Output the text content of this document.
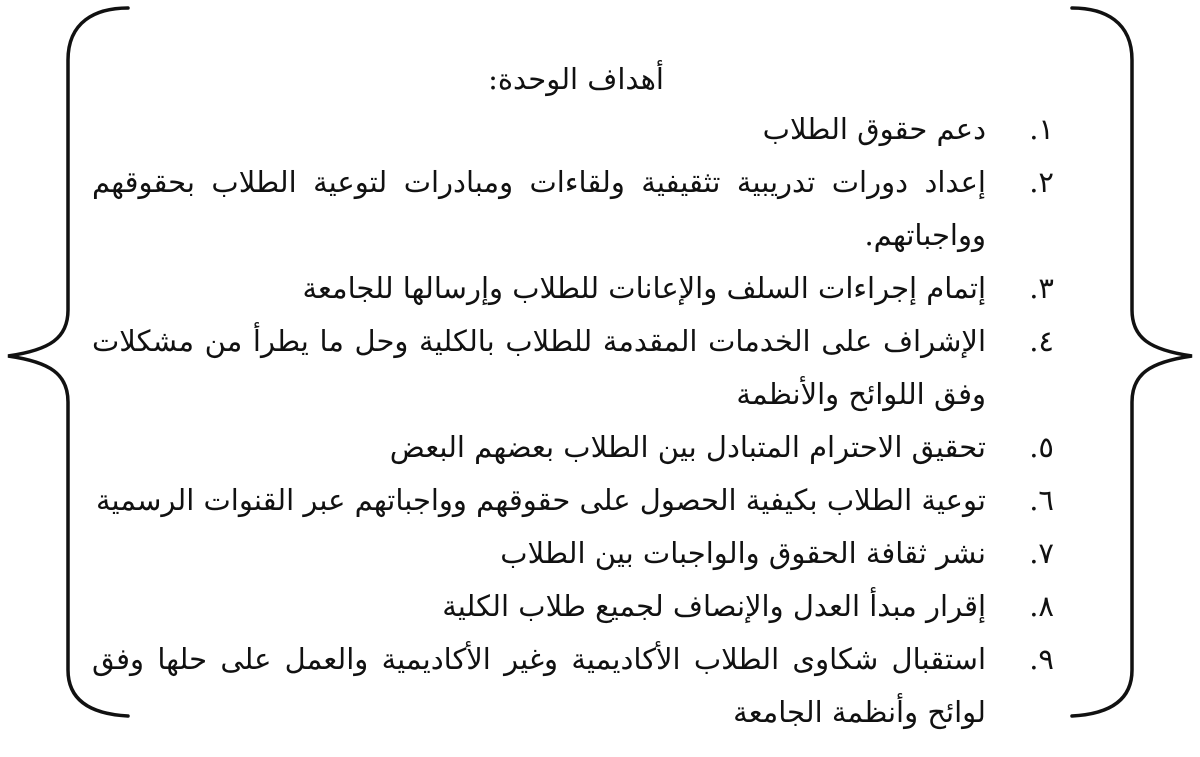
أهداف الوحدة:
١.
دعم حقوق الطلاب
٢.
إعداد دورات تدريبية تثقيفية ولقاءات ومبادرات لتوعية الطلاب بحقوقهم وواجباتهم.
٣.
إتمام إجراءات السلف والإعانات للطلاب وإرسالها للجامعة
٤.
الإشراف على الخدمات المقدمة للطلاب بالكلية وحل ما يطرأ من مشكلات وفق اللوائح والأنظمة
٥.
تحقيق الاحترام المتبادل بين الطلاب بعضهم البعض
٦.
توعية الطلاب بكيفية الحصول على حقوقهم وواجباتهم عبر القنوات الرسمية
٧.
نشر ثقافة الحقوق والواجبات بين الطلاب
٨.
إقرار مبدأ العدل والإنصاف لجميع طلاب الكلية
٩.
استقبال شكاوى الطلاب الأكاديمية وغير الأكاديمية والعمل على حلها وفق لوائح وأنظمة الجامعة
